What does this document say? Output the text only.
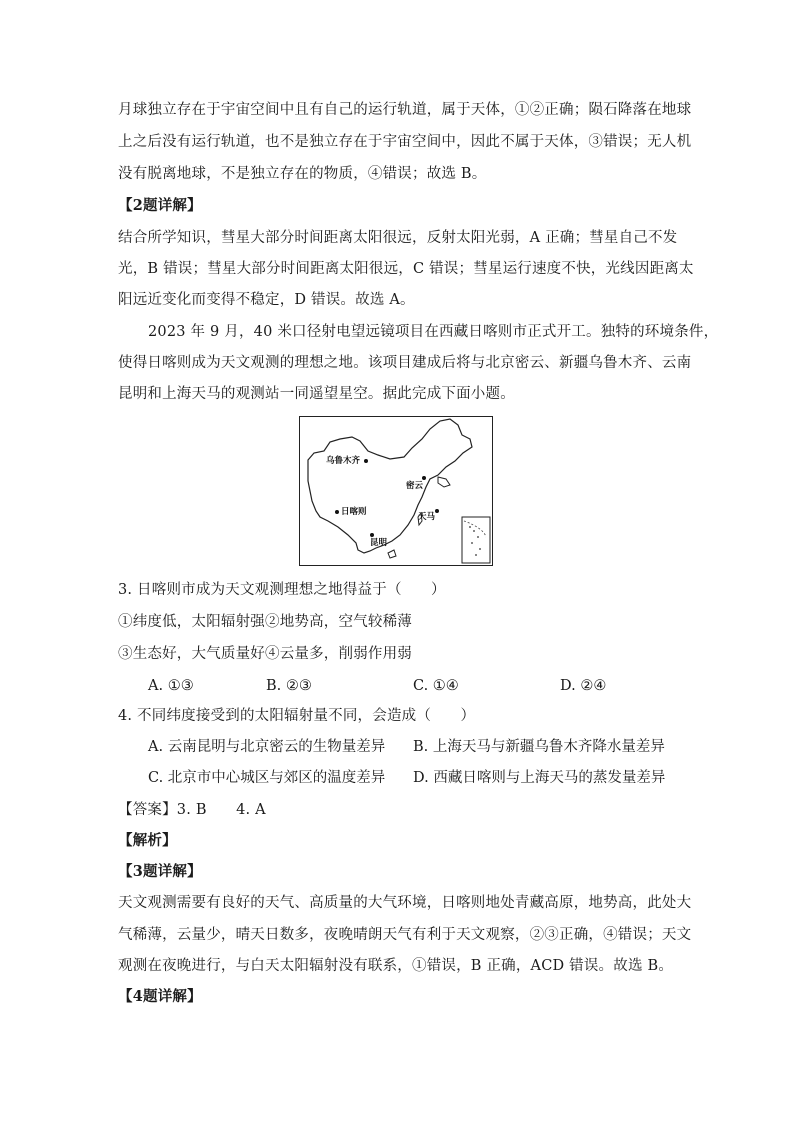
月球独立存在于宇宙空间中且有自己的运行轨道，属于天体，①②正确；陨石降落在地球
上之后没有运行轨道，也不是独立存在于宇宙空间中，因此不属于天体，③错误；无人机
没有脱离地球，不是独立存在的物质，④错误；故选 B。
【2题详解】
结合所学知识，彗星大部分时间距离太阳很远，反射太阳光弱，A 正确；彗星自己不发
光，B 错误；彗星大部分时间距离太阳很远，C 错误；彗星运行速度不快，光线因距离太
阳远近变化而变得不稳定，D 错误。故选 A。
2023 年 9 月，40 米口径射电望远镜项目在西藏日喀则市正式开工。独特的环境条件，
使得日喀则成为天文观测的理想之地。该项目建成后将与北京密云、新疆乌鲁木齐、云南
昆明和上海天马的观测站一同遥望星空。据此完成下面小题。
乌鲁木齐
密云
日喀则	天马
昆明
3. 日喀则市成为天文观测理想之地得益于（　　）
①纬度低，太阳辐射强②地势高，空气较稀薄
③生态好，大气质量好④云量多，削弱作用弱
A. ①③	B. ②③	C. ①④	D. ②④
4. 不同纬度接受到的太阳辐射量不同，会造成（　　）
A. 云南昆明与北京密云的生物量差异 B. 上海天马与新疆乌鲁木齐降水量差异
C. 北京市中心城区与郊区的温度差异 D. 西藏日喀则与上海天马的蒸发量差异
【答案】3. B　　4. A
【解析】
【3题详解】
天文观测需要有良好的天气、高质量的大气环境，日喀则地处青藏高原，地势高，此处大
气稀薄，云量少，晴天日数多，夜晚晴朗天气有利于天文观察，②③正确，④错误；天文
观测在夜晚进行，与白天太阳辐射没有联系，①错误，B 正确，ACD 错误。故选 B。
【4题详解】
